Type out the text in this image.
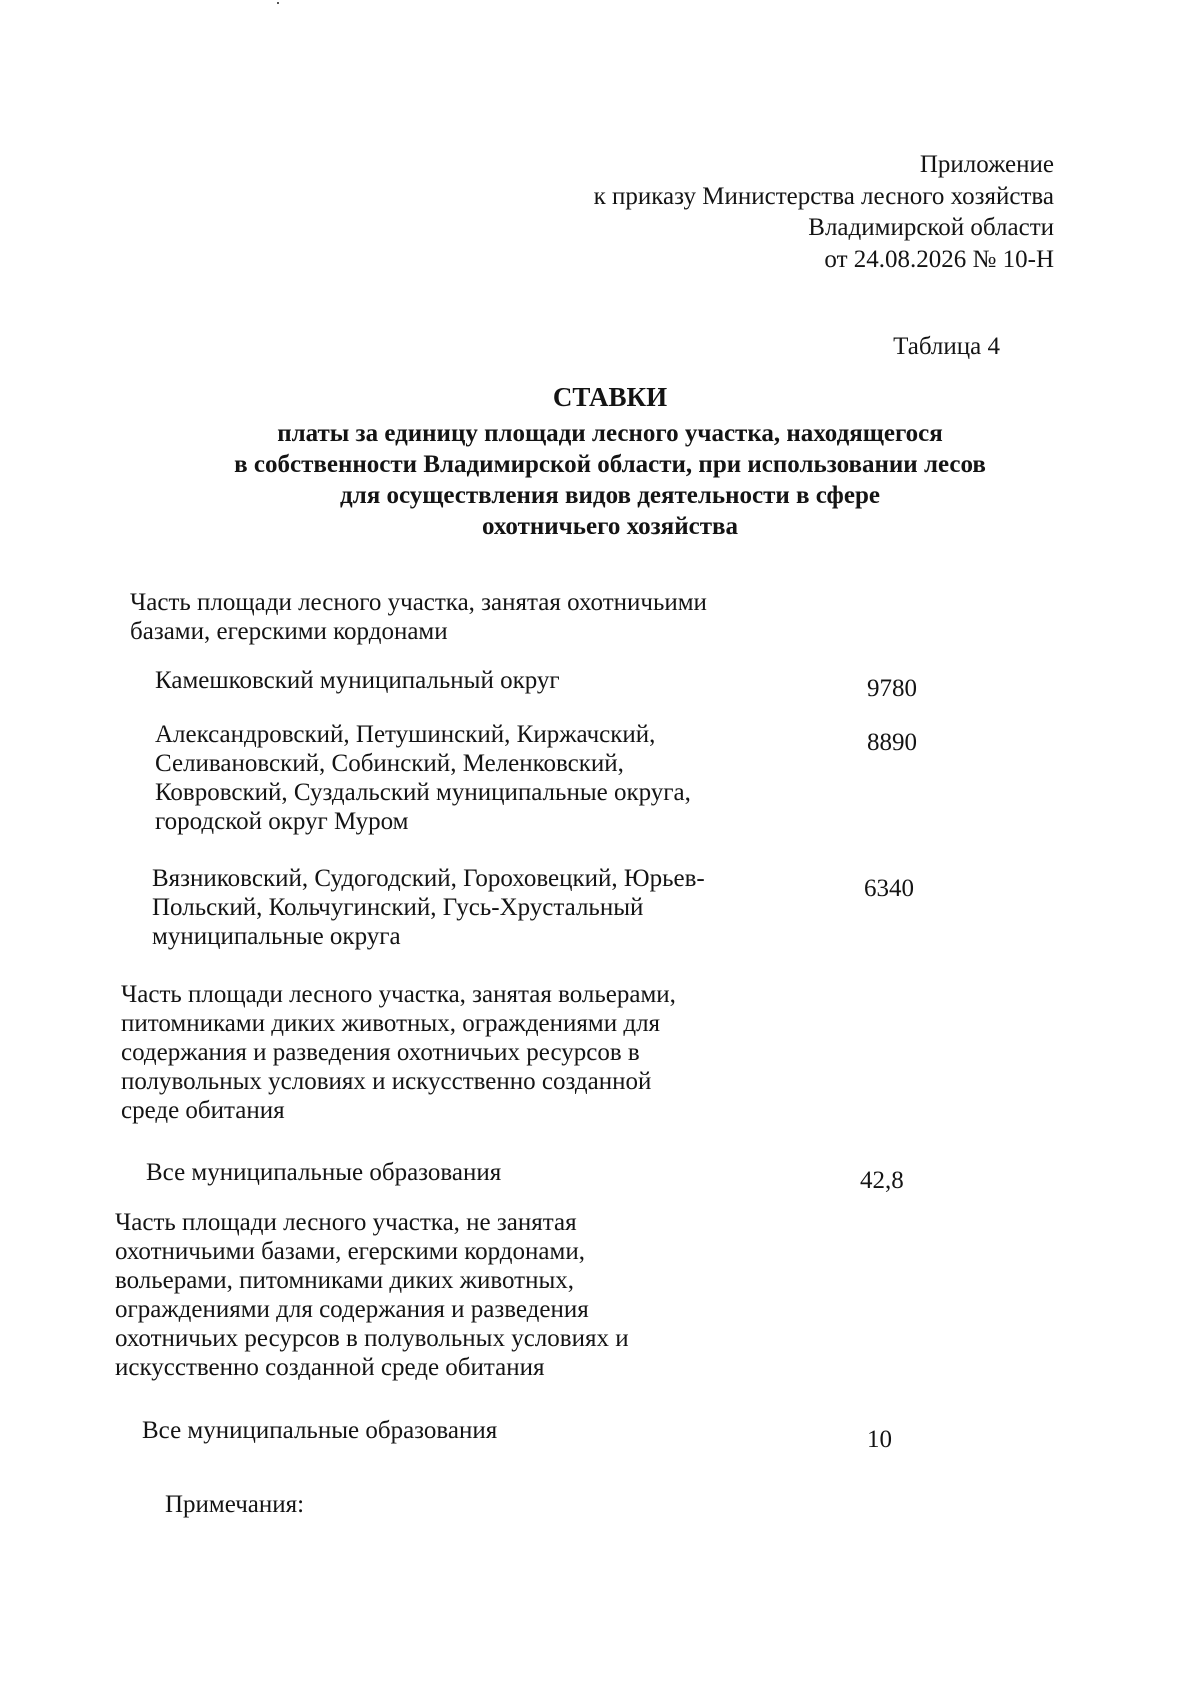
Приложение
к приказу Министерства лесного хозяйства
Владимирской области
от 24.08.2026 № 10-Н
Таблица 4
СТАВКИ
платы за единицу площади лесного участка, находящегося
в собственности Владимирской области, при использовании лесов
для осуществления видов деятельности в сфере
охотничьего хозяйства
Часть площади лесного участка, занятая охотничьими
базами, егерскими кордонами
Камешковский муниципальный округ	9780
Александровский, Петушинский, Киржачский,
Селивановский, Собинский, Меленковский,
Ковровский, Суздальский муниципальные округа,
городской округ Муром
8890
Вязниковский, Судогодский, Гороховецкий, Юрьев-
Польский, Кольчугинский, Гусь-Хрустальный
муниципальные округа
6340
Часть площади лесного участка, занятая вольерами,
питомниками диких животных, ограждениями для
содержания и разведения охотничьих ресурсов в
полувольных условиях и искусственно созданной
среде обитания
Все муниципальные образования	42,8
Часть площади лесного участка, не занятая
охотничьими базами, егерскими кордонами,
вольерами, питомниками диких животных,
ограждениями для содержания и разведения
охотничьих ресурсов в полувольных условиях и
искусственно созданной среде обитания
Все муниципальные образования	10
Примечания:
